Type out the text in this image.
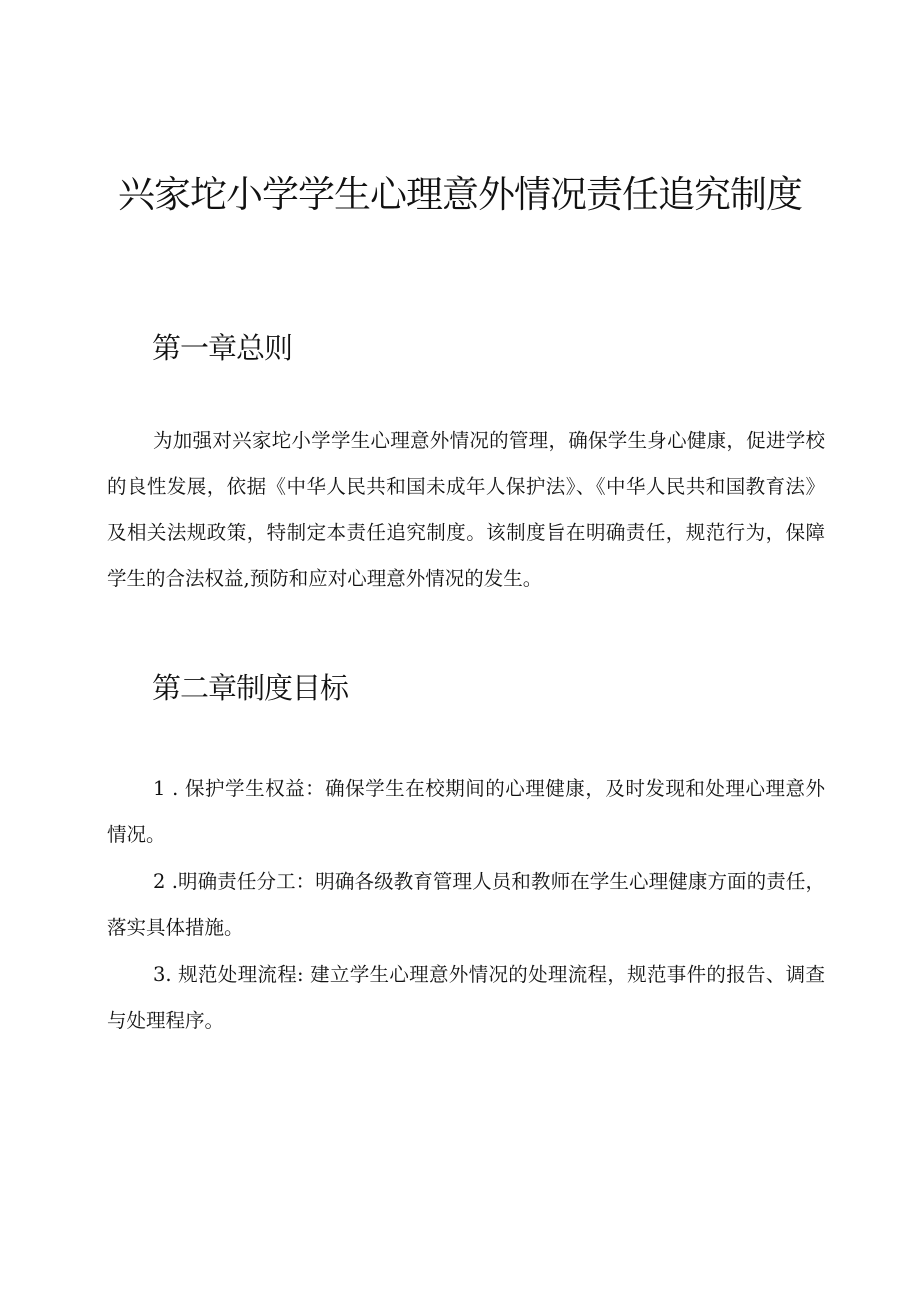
兴家坨小学学生心理意外情况责任追究制度
第一章总则

为加强对兴家坨小学学生心理意外情况的管理，确保学生身心健康，促进学校的良性发展，依据《中华人民共和国未成年人保护法》、《中华人民共和国教育法》及相关法规政策，特制定本责任追究制度。该制度旨在明确责任，规范行为，保障学生的合法权益,预防和应对心理意外情况的发生。

第二章制度目标

1 . 保护学生权益：确保学生在校期间的心理健康，及时发现和处理心理意外情况。

2 .明确责任分工：明确各级教育管理人员和教师在学生心理健康方面的责任，落实具体措施。

3. 规范处理流程: 建立学生心理意外情况的处理流程，规范事件的报告、调查与处理程序。
